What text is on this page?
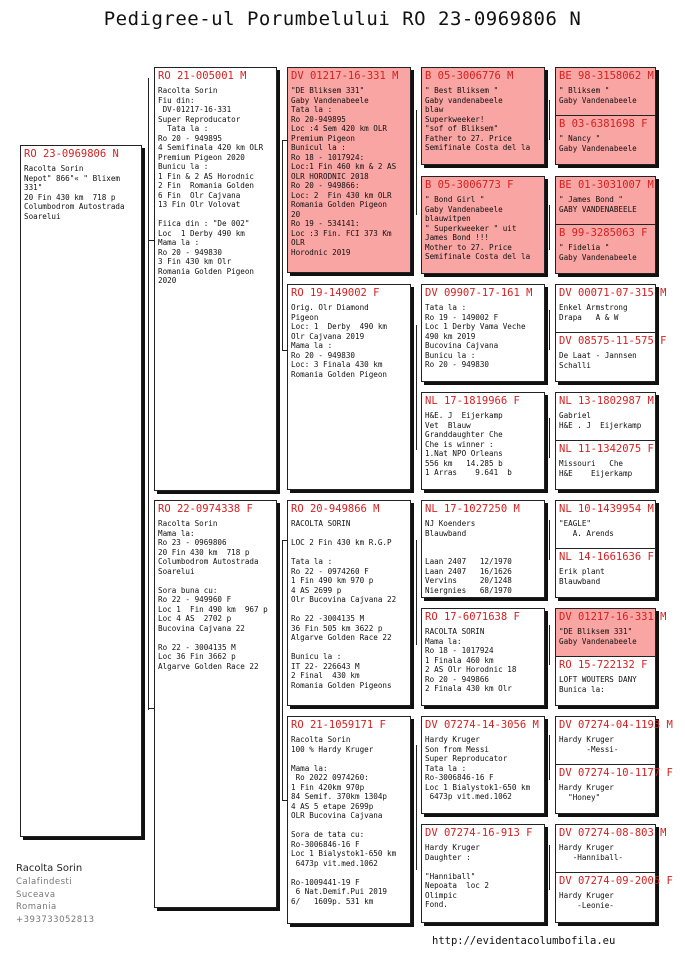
Pedigree-ul Porumbelului RO 23-0969806 N
RO 23-0969806 N
Racolta Sorin
Nepot" 866"« " Blixem
331"
20 Fin 430 km  718 p
Columbodrom Autostrada
Soarelui
RO 21-005001 M
Racolta Sorin
Fiu din:
DV-01217-16-331
Super Reproducator
Tata la :
Ro 20 - 949895
4 Semifinala 420 km OLR
Premium Pigeon 2020
Bunicu la :
1 Fin & 2 AS Horodnic
2 Fin  Romania Golden
6 Fin  Olr Cajvana
13 Fin Olr Volovat

Fiica din : "De 002"
Loc  1 Derby 490 km
Mama la :
Ro 20 - 949830
3 Fin 430 km Olr
Romania Golden Pigeon
2020
RO 22-0974338 F
Racolta Sorin
Mama la:
Ro 23 - 0969806
20 Fin 430 km  718 p
Columbodrom Autostrada
Soarelui

Sora buna cu:
Ro 22 - 949960 F
Loc 1  Fin 490 km  967 p
Loc 4 AS  2702 p
Bucovina Cajvana 22

Ro 22 - 3004135 M
Loc 36 Fin 3662 p
Algarve Golden Race 22
DV 01217-16-331 M
"DE Bliksem 331"
Gaby Vandenabeele
Tata la :
Ro 20-949895
Loc :4 Sem 420 km OLR
Premium Pigeon
Bunicul la :
Ro 18 - 1017924:
Loc:1 Fin 460 km & 2 AS
OLR HORODNIC 2018
Ro 20 - 949866:
Loc: 2  Fin 430 km OLR
Romania Golden Pigeon
20
Ro 19 - 534141:
Loc :3 Fin. FCI 373 Km
OLR
Horodnic 2019
RO 19-149002 F
Orig. Olr Diamond
Pigeon
Loc: 1  Derby  490 km
Olr Cajvana 2019
Mama la :
Ro 20 - 949830
Loc: 3 Finala 430 km
Romania Golden Pigeon
RO 20-949866 M
RACOLTA SORIN

LOC 2 Fin 430 km R.G.P

Tata la :
Ro 22 - 0974260 F
1 Fin 490 km 970 p
4 AS 2699 p
Olr Bucovina Cajvana 22

Ro 22 -3004135 M
36 Fin 505 km 3622 p
Algarve Golden Race 22

Bunicu la :
IT 22- 226643 M
2 Final  430 km
Romania Golden Pigeons
RO 21-1059171 F
Racolta Sorin
100 % Hardy Kruger

Mama la:
Ro 2022 0974260:
1 Fin 420km 970p
84 Semif. 370km 1304p
4 AS 5 etape 2699p
OLR Bucovina Cajvana

Sora de tata cu:
Ro-3006846-16 F
Loc 1 Bialystok1-650 km
6473p vit.med.1062

Ro-1009441-19 F
6 Nat.Demif.Pui 2019
6/   1609p. 531 km
B 05-3006776 M
" Best Bliksem "
Gaby vandenabeele
blaw
Superkweeker!
"sof of Bliksem"
Father to 27. Price
Semifinale Costa del la
B 05-3006773 F
" Bond Girl "
Gaby Vandenabeele
blauwitpen
" Superkweeker " uit
James Bond !!!
Mother to 27. Price
Semifinale Costa del la
DV 09907-17-161 M
Tata la :
Ro 19 - 149002 F
Loc 1 Derby Vama Veche
490 km 2019
Bucovina Cajvana
Bunicu la :
Ro 20 - 949830
NL 17-1819966 F
H&E. J  Eijerkamp
Vet  Blauw
Granddaughter Che
Che is winner :
1.Nat NPO Orleans
556 km   14.285 b
1 Arras    9.641  b
NL 17-1027250 M
NJ Koenders
Blauwband

Laan 2407   12/1970
Laan 2407   16/1626
Vervins     20/1248
Niergnies   68/1970
RO 17-6071638 F
RACOLTA SORIN
Mama la:
Ro 18 - 1017924
1 Finala 460 km
2 AS Olr Horodnic 18
Ro 20 - 949866
2 Finala 430 km Olr
DV 07274-14-3056 M
Hardy Kruger
Son from Messi
Super Reproducator
Tata la :
Ro-3006846-16 F
Loc 1 Bialystok1-650 km
6473p vit.med.1062
DV 07274-16-913 F
Hardy Kruger
Daughter :

"Hanniball"
Nepoata  loc 2
Olimpic
Fond.
BE 98-3158062 M
" Bliksem "
Gaby Vandenabeele
B 03-6381698 F
" Nancy "
Gaby Vandenabeele
BE 01-3031007 M
" James Bond "
GABY VANDENABEELE
B 99-3285063 F
" Fidelia "
Gaby Vandenabeele
DV 00071-07-315 M
Enkel Armstrong
Drapa   A & W
DV 08575-11-575 F
De Laat - Jannsen
Schalli
NL 13-1802987 M
Gabriel
H&E . J  Eijerkamp
NL 11-1342075 F
Missouri   Che
H&E    Eijerkamp
NL 10-1439954 M
"EAGLE"
A. Arends
NL 14-1661636 F
Erik plant
Blauwband
DV 01217-16-331 M
"DE Bliksem 331"
Gaby Vandenabeele
RO 15-722132 F
LOFT WOUTERS DANY
Bunica la:
DV 07274-04-1193 M
Hardy Kruger
-Messi-
DV 07274-10-1177 F
Hardy Kruger
"Honey"
DV 07274-08-803 M
Hardy Kruger
-Hanniball-
DV 07274-09-2005 F
Hardy Kruger
-Leonie-
Racolta Sorin
Calafindesti
Suceava
Romania
+393733052813
http://evidentacolumbofila.eu
